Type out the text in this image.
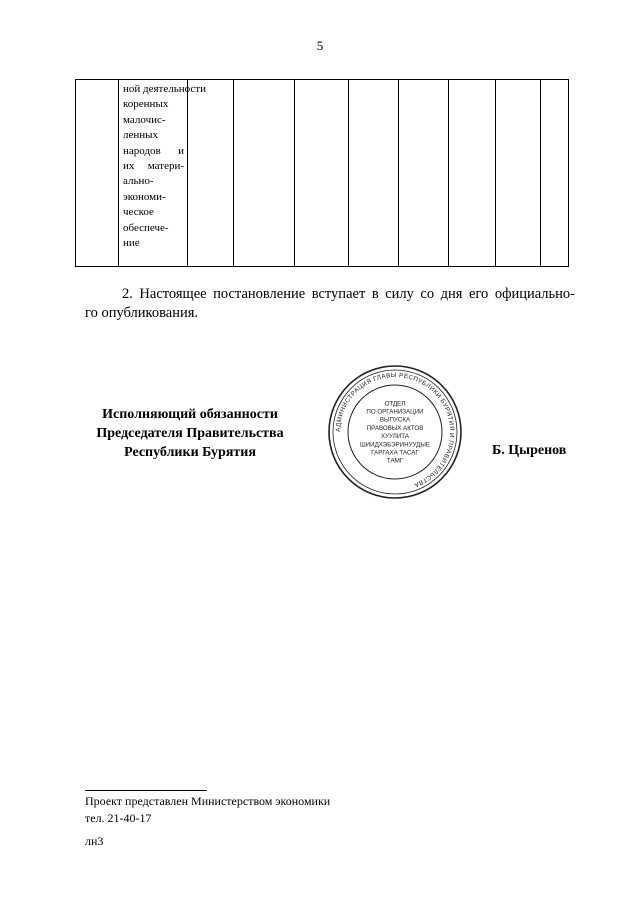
5

ной деятельности
коренных
малочис-
ленных
народов и
их матери-
ально-
экономи-
ческое
обеспече-
ние

2. Настоящее постановление вступает в силу со дня его официально-

го опубликования.

Исполняющий обязанности
Председателя Правительства
Республики Бурятия
АДМИНИСТРАЦИЯ ГЛАВЫ РЕСПУБЛИКИ БУРЯТИЯ И ПРАВИТЕЛЬСТВА
ОТДЕЛ
ПО ОРГАНИЗАЦИИ
ВЫПУСКА
ПРАВОВЫХ АКТОВ
ХУУЛИТА
ШИИДХЭБЭРИНУУДЫЕ
ГАРГАХА ТАСАГ
ТАМГ
Б. Цыренов
Проект представлен Министерством экономики
тел. 21-40-17
лн3
